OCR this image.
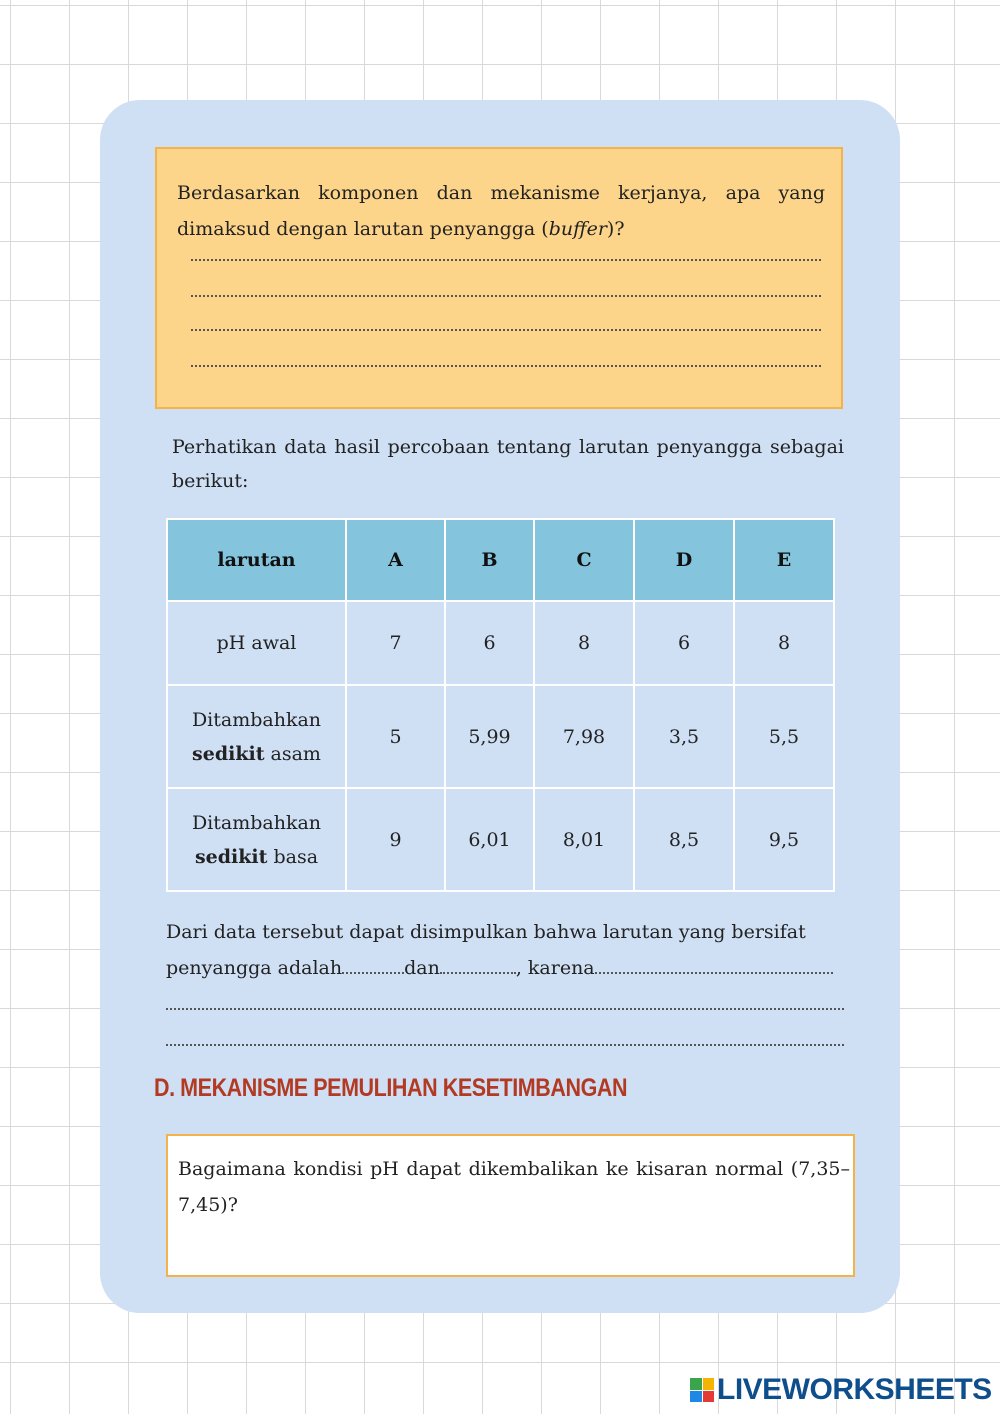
Berdasarkan komponen dan mekanisme kerjanya, apa yang dimaksud dengan larutan penyangga (buffer)?

Perhatikan data hasil percobaan tentang larutan penyangga sebagai berikut:

larutan	A	B	C	D	E
pH awal	7	6	8	6	8
Ditambahkan
sedikit asam	5	5,99	7,98	3,5	5,5
Ditambahkan
sedikit basa	9	6,01	8,01	8,5	9,5
Dari data tersebut dapat disimpulkan bahwa larutan yang bersifat
penyangga adalah	dan	, karena
D. MEKANISME PEMULIHAN KESETIMBANGAN

Bagaimana kondisi pH dapat dikembalikan ke kisaran normal (7,35–7,45)?

LIVEWORKSHEETS
